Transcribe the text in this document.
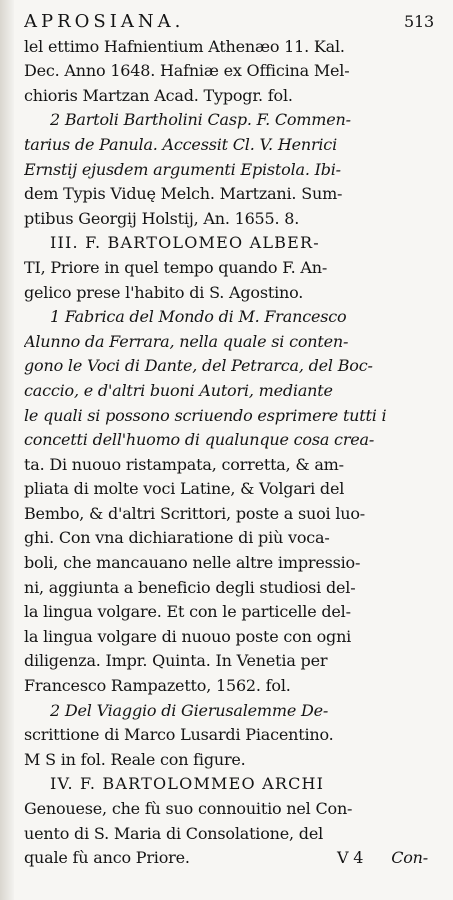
APROSIANA.	513
lel ettimo Hafnientium Athenæo 11. Kal.
Dec. Anno 1648. Hafniæ ex Officina Mel-
chioris Martzan Acad. Typogr. fol.
2 Bartoli Bartholini Casp. F. Commen-
tarius de Panula. Accessit Cl. V. Henrici
Ernstij ejusdem argumenti Epistola. Ibi-
dem Typis Viduę Melch. Martzani. Sum-
ptibus Georgij Holstij, An. 1655. 8.
III. F. BARTOLOMEO ALBER-
TI, Priore in quel tempo quando F. An-
gelico prese l'habito di S. Agostino.
1 Fabrica del Mondo di M. Francesco
Alunno da Ferrara, nella quale si conten-
gono le Voci di Dante, del Petrarca, del Boc-
caccio, e d'altri buoni Autori, mediante
le quali si possono scriuendo esprimere tutti i
concetti dell'huomo di qualunque cosa crea-
ta. Di nuouo ristampata, corretta, & am-
pliata di molte voci Latine, & Volgari del
Bembo, & d'altri Scrittori, poste a suoi luo-
ghi. Con vna dichiaratione di più voca-
boli, che mancauano nelle altre impressio-
ni, aggiunta a beneficio degli studiosi del-
la lingua volgare. Et con le particelle del-
la lingua volgare di nuouo poste con ogni
diligenza. Impr. Quinta. In Venetia per
Francesco Rampazetto, 1562. fol.
2 Del Viaggio di Gierusalemme De-
scrittione di Marco Lusardi Piacentino.
M S in fol. Reale con figure.
IV. F. BARTOLOMMEO ARCHI
Genouese, che fù suo connouitio nel Con-
uento di S. Maria di Consolatione, del
quale fù anco Priore.	V 4 Con-
